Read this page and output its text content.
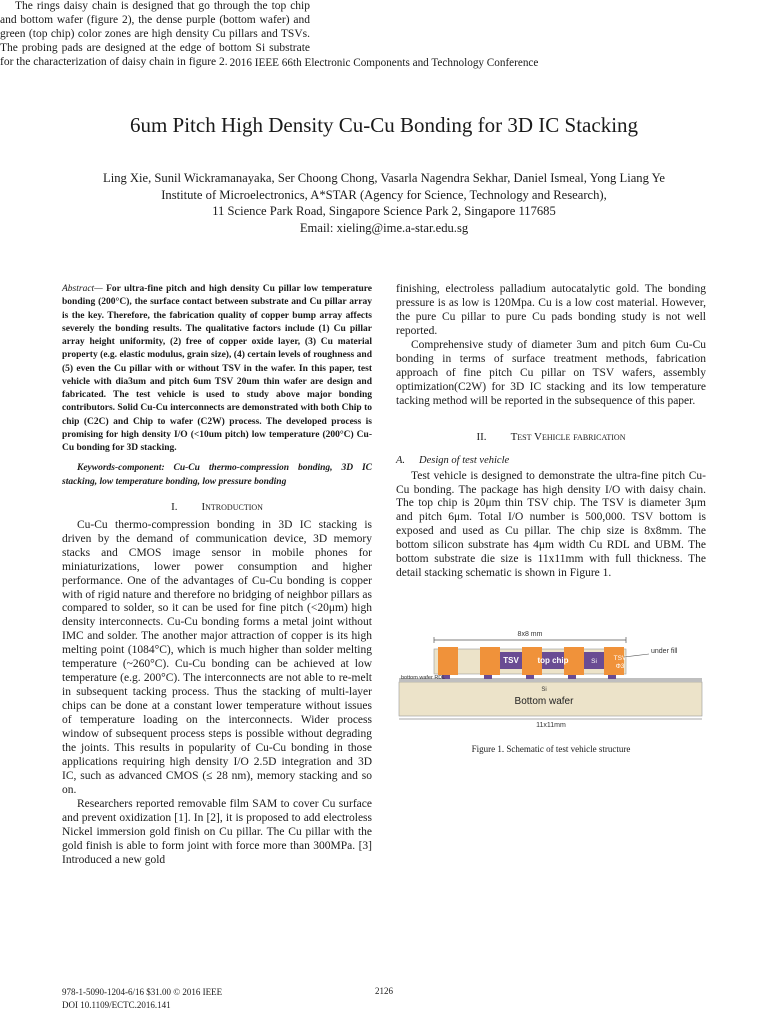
2016 IEEE 66th Electronic Components and Technology Conference
6um Pitch High Density Cu-Cu Bonding for 3D IC Stacking
Ling Xie, Sunil Wickramanayaka, Ser Choong Chong, Vasarla Nagendra Sekhar, Daniel Ismeal, Yong Liang Ye
Institute of Microelectronics, A*STAR (Agency for Science, Technology and Research),
11 Science Park Road, Singapore Science Park 2, Singapore 117685
Email: xieling@ime.a-star.edu.sg

Abstract— For ultra-fine pitch and high density Cu pillar low temperature bonding (200°C), the surface contact between substrate and Cu pillar array is the key. Therefore, the fabrication quality of copper bump array affects severely the bonding results. The qualitative factors include (1) Cu pillar array height uniformity, (2) free of copper oxide layer, (3) Cu material property (e.g. elastic modulus, grain size), (4) certain levels of roughness and (5) even the Cu pillar with or without TSV in the wafer. In this paper, test vehicle with dia3um and pitch 6um TSV 20um thin wafer are design and fabricated. The test vehicle is used to study above major bonding contributors. Solid Cu-Cu interconnects are demonstrated with both Chip to chip (C2C) and Chip to wafer (C2W) process. The developed process is promising for high density I/O (<10um pitch) low temperature (200°C) Cu-Cu bonding for 3D stacking.

Keywords-component: Cu-Cu thermo-compression bonding, 3D IC stacking, low temperature bonding, low pressure bonding

I. Introduction

Cu-Cu thermo-compression bonding in 3D IC stacking is driven by the demand of communication device, 3D memory stacks and CMOS image sensor in mobile phones for miniaturizations, lower power consumption and higher performance. One of the advantages of Cu-Cu bonding is copper with of rigid nature and therefore no bridging of neighbor pillars as compared to solder, so it can be used for fine pitch (<20μm) high density interconnects. Cu-Cu bonding forms a metal joint without IMC and solder. The another major attraction of copper is its high melting point (1084°C), which is much higher than solder melting temperature (~260°C). Cu-Cu bonding can be achieved at low temperature (e.g. 200°C). The interconnects are not able to re-melt in subsequent tacking process. Thus the stacking of multi-layer chips can be done at a constant lower temperature without issues of temperature loading on the interconnects. Wider process window of subsequent process steps is possible without degrading the joints. This results in popularity of Cu-Cu bonding in those applications requiring high density I/O 2.5D integration and 3D IC, such as advanced CMOS (≤ 28 nm), memory stacking and so on.

Researchers reported removable film SAM to cover Cu surface and prevent oxidization [1]. In [2], it is proposed to add electroless Nickel immersion gold finish on Cu pillar. The Cu pillar with the gold finish is able to form joint with force more than 300MPa. [3] Introduced a new gold

finishing, electroless palladium autocatalytic gold. The bonding pressure is as low is 120Mpa. Cu is a low cost material. However, the pure Cu pillar to pure Cu pads bonding study is not well reported.

Comprehensive study of diameter 3um and pitch 6um Cu-Cu bonding in terms of surface treatment methods, fabrication approach of fine pitch Cu pillar on TSV wafers, assembly optimization(C2W) for 3D IC stacking and its low temperature tacking method will be reported in the subsequence of this paper.

II. Test Vehicle fabrication
A. Design of test vehicle

Test vehicle is designed to demonstrate the ultra-fine pitch Cu-Cu bonding. The package has high density I/O with daisy chain. The top chip is 20μm thin TSV chip. The TSV is diameter 3μm and pitch 6μm. Total I/O number is 500,000. TSV bottom is exposed and used as Cu pillar. The chip size is 8x8mm. The bottom silicon substrate has 4μm width Cu RDL and UBM. The bottom substrate die size is 11x11mm with full thickness. The detail stacking schematic is shown in Figure 1.

8x8 mm
TSV top chip	Si	TSV
Φ3
under fill
bottom wafer RDL
Si
Bottom wafer
11x11mm
Figure 1. Schematic of test vehicle structure

The rings daisy chain is designed that go through the top chip and bottom wafer (figure 2), the dense purple (bottom wafer) and green (top chip) color zones are high density Cu pillars and TSVs. The probing pads are designed at the edge of bottom Si substrate for the characterization of daisy chain in figure 2.

978-1-5090-1204-6/16 $31.00 © 2016 IEEE
DOI 10.1109/ECTC.2016.141
2126
